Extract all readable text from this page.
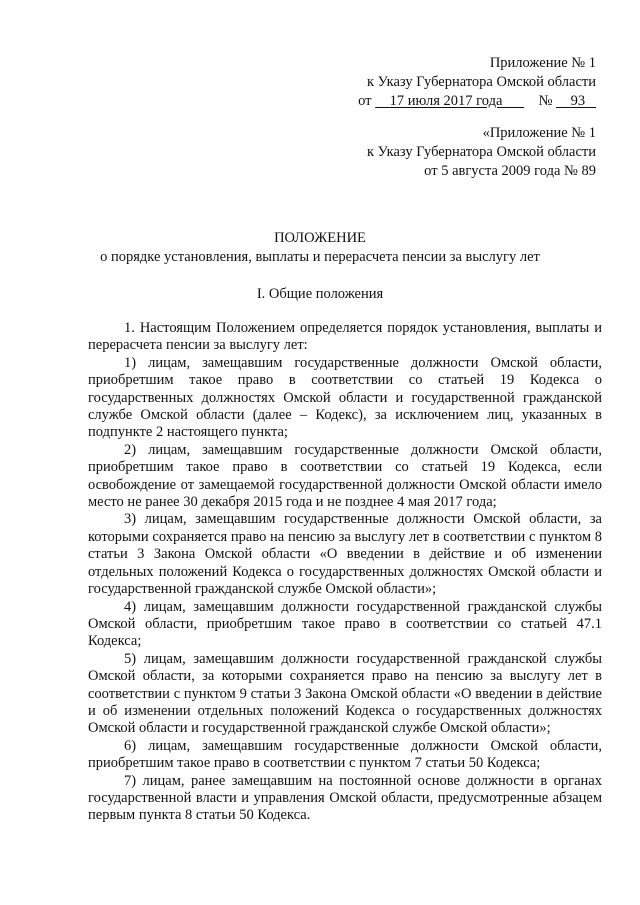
Приложение № 1
к Указу Губернатора Омской области
от 17 июля 2017 года	№ 93
«Приложение № 1
к Указу Губернатора Омской области
от 5 августа 2009 года № 89
ПОЛОЖЕНИЕ
о порядке установления, выплаты и перерасчета пенсии за выслугу лет
I. Общие положения

1. Настоящим Положением определяется порядок установления, выплаты и перерасчета пенсии за выслугу лет:

1) лицам, замещавшим государственные должности Омской области, приобретшим такое право в соответствии со статьей 19 Кодекса о государственных должностях Омской области и государственной гражданской службе Омской области (далее – Кодекс), за исключением лиц, указанных в подпункте 2 настоящего пункта;

2) лицам, замещавшим государственные должности Омской области, приобретшим такое право в соответствии со статьей 19 Кодекса, если освобождение от замещаемой государственной должности Омской области имело место не ранее 30 декабря 2015 года и не позднее 4 мая 2017 года;

3) лицам, замещавшим государственные должности Омской области, за которыми сохраняется право на пенсию за выслугу лет в соответствии с пунктом 8 статьи 3 Закона Омской области «О введении в действие и об изменении отдельных положений Кодекса о государственных должностях Омской области и государственной гражданской службе Омской области»;

4) лицам, замещавшим должности государственной гражданской службы Омской области, приобретшим такое право в соответствии со статьей 47.1 Кодекса;

5) лицам, замещавшим должности государственной гражданской службы Омской области, за которыми сохраняется право на пенсию за выслугу лет в соответствии с пунктом 9 статьи 3 Закона Омской области «О введении в действие и об изменении отдельных положений Кодекса о государственных должностях Омской области и государственной гражданской службе Омской области»;

6) лицам, замещавшим государственные должности Омской области, приобретшим такое право в соответствии с пунктом 7 статьи 50 Кодекса;

7) лицам, ранее замещавшим на постоянной основе должности в органах государственной власти и управления Омской области, предусмотренные абзацем первым пункта 8 статьи 50 Кодекса.
